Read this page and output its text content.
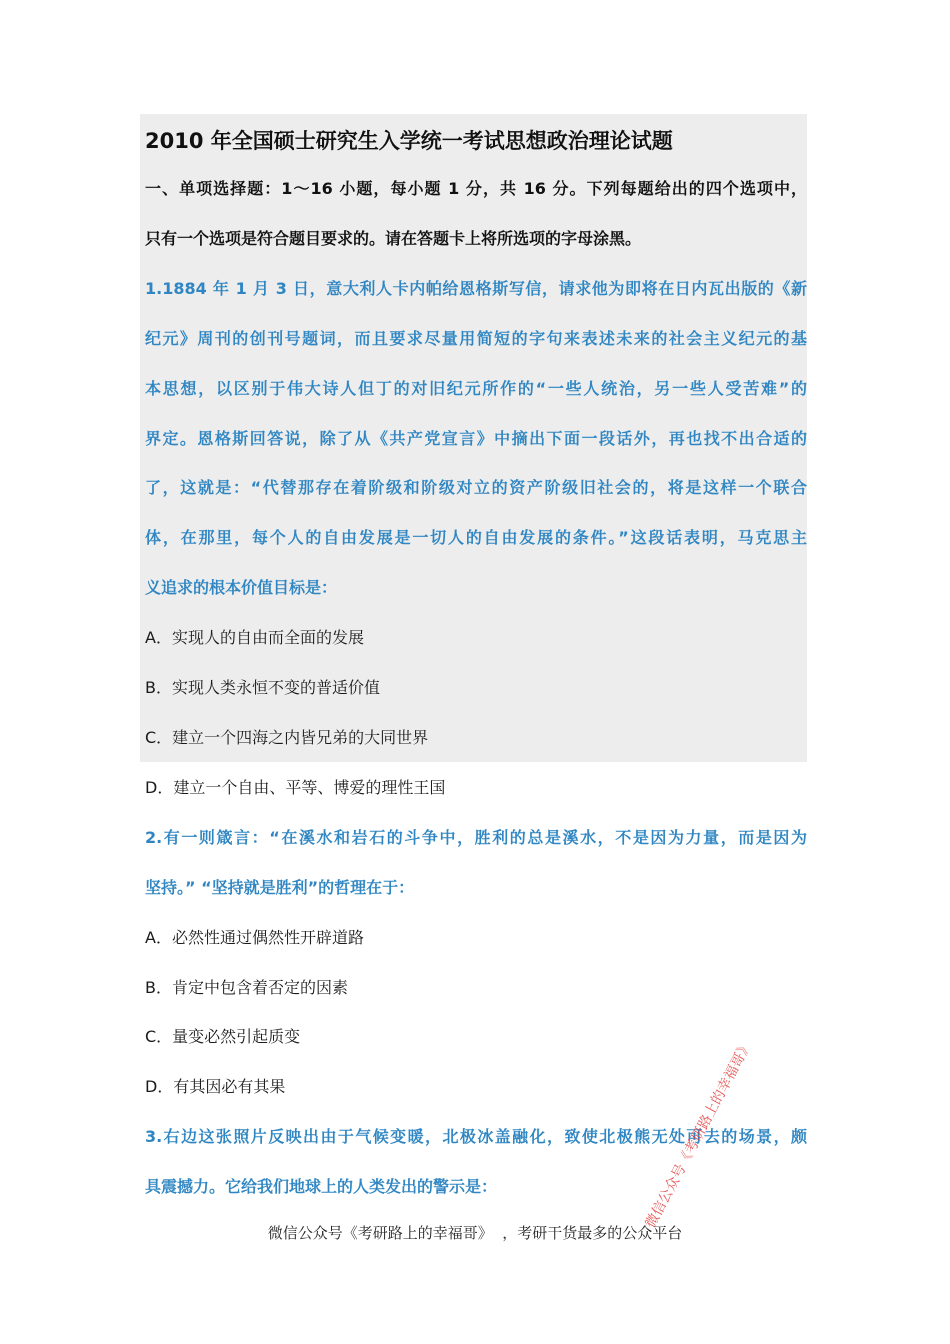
2010 年全国硕士研究生入学统一考试思想政治理论试题

一、单项选择题：1～16 小题，每小题 1 分，共 16 分。下列每题给出的四个选项中，

只有一个选项是符合题目要求的。请在答题卡上将所选项的字母涂黑。

1.1884 年 1 月 3 日，意大利人卡内帕给恩格斯写信，请求他为即将在日内瓦出版的《新

纪元》周刊的创刊号题词，而且要求尽量用简短的字句来表述未来的社会主义纪元的基

本思想，以区别于伟大诗人但丁的对旧纪元所作的“一些人统治，另一些人受苦难”的

界定。恩格斯回答说，除了从《共产党宣言》中摘出下面一段话外，再也找不出合适的

了，这就是：“代替那存在着阶级和阶级对立的资产阶级旧社会的，将是这样一个联合

体，在那里，每个人的自由发展是一切人的自由发展的条件。”这段话表明，马克思主

义追求的根本价值目标是：

A．实现人的自由而全面的发展

B．实现人类永恒不变的普适价值

C．建立一个四海之内皆兄弟的大同世界

D．建立一个自由、平等、博爱的理性王国

2.有一则箴言：“在溪水和岩石的斗争中，胜利的总是溪水，不是因为力量，而是因为

坚持。” “坚持就是胜利”的哲理在于：

A．必然性通过偶然性开辟道路

B．肯定中包含着否定的因素

C．量变必然引起质变

D．有其因必有其果

3.右边这张照片反映出由于气候变暖，北极冰盖融化，致使北极熊无处可去的场景，颇

具震撼力。它给我们地球上的人类发出的警示是：	微信公众号《考研路上的幸福哥》
微信公众号《考研路上的幸福哥》  ，考研干货最多的公众平台
